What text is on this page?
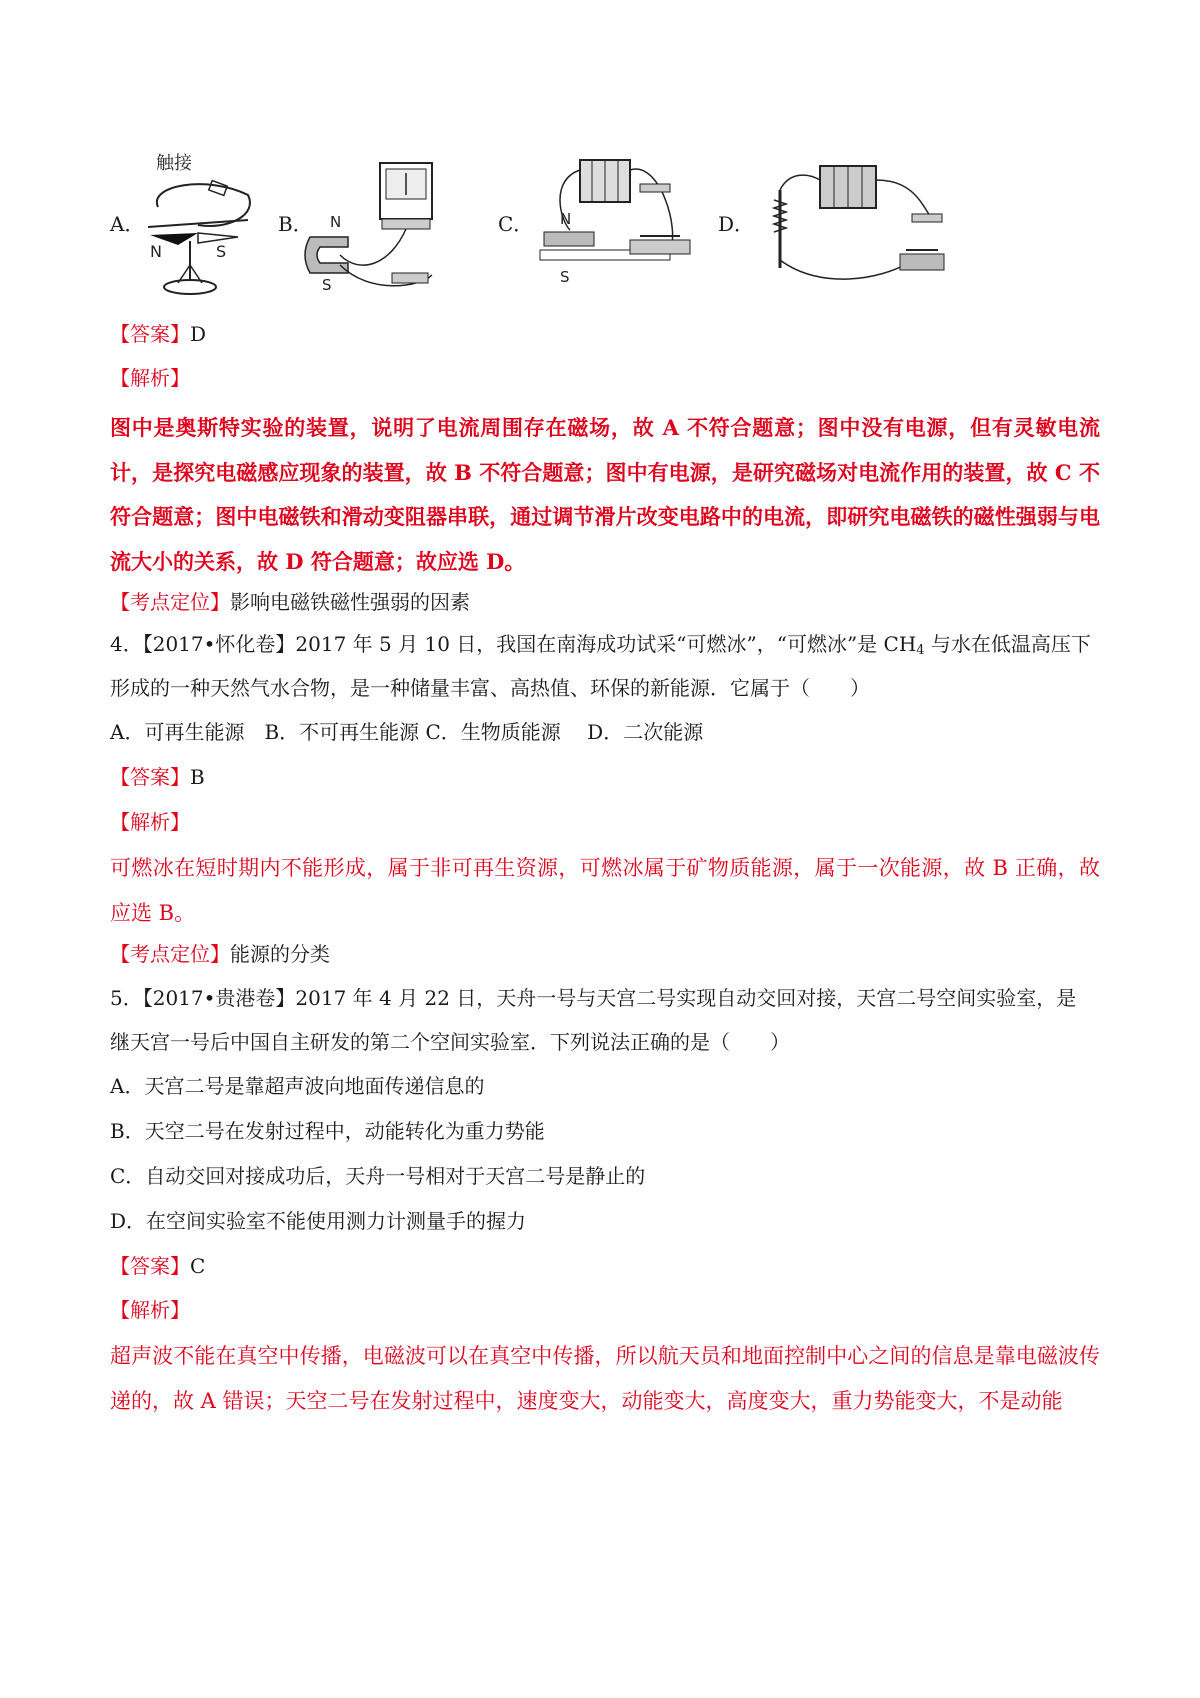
A．
触接
N	S
B． N
S
C． N
S
D．
【答案】D
【解析】
图中是奥斯特实验的装置，说明了电流周围存在磁场，故 A 不符合题意；图中没有电源，但有灵敏电流计，是探究电磁感应现象的装置，故 B 不符合题意；图中有电源，是研究磁场对电流作用的装置，故 C 不符合题意；图中电磁铁和滑动变阻器串联，通过调节滑片改变电路中的电流，即研究电磁铁的磁性强弱与电流大小的关系，故 D 符合题意；故应选 D。
【考点定位】影响电磁铁磁性强弱的因素
4．【2017•怀化卷】2017 年 5 月 10 日，我国在南海成功试采“可燃冰”，“可燃冰”是 $CH_4$ 与水在低温高压下
形成的一种天然气水合物，是一种储量丰富、高热值、环保的新能源．它属于（　　）
A．可再生能源　B．不可再生能源 C．生物质能源　 D．二次能源
【答案】B
【解析】
可燃冰在短时期内不能形成，属于非可再生资源，可燃冰属于矿物质能源，属于一次能源，故 B 正确，故应选 B。
【考点定位】能源的分类
5．【2017•贵港卷】2017 年 4 月 22 日，天舟一号与天宫二号实现自动交回对接，天宫二号空间实验室，是
继天宫一号后中国自主研发的第二个空间实验室．下列说法正确的是（　　）
A．天宫二号是靠超声波向地面传递信息的
B．天空二号在发射过程中，动能转化为重力势能
C．自动交回对接成功后，天舟一号相对于天宫二号是静止的
D．在空间实验室不能使用测力计测量手的握力
【答案】C
【解析】
超声波不能在真空中传播，电磁波可以在真空中传播，所以航天员和地面控制中心之间的信息是靠电磁波传递的，故 A 错误；天空二号在发射过程中，速度变大，动能变大，高度变大，重力势能变大，不是动能
